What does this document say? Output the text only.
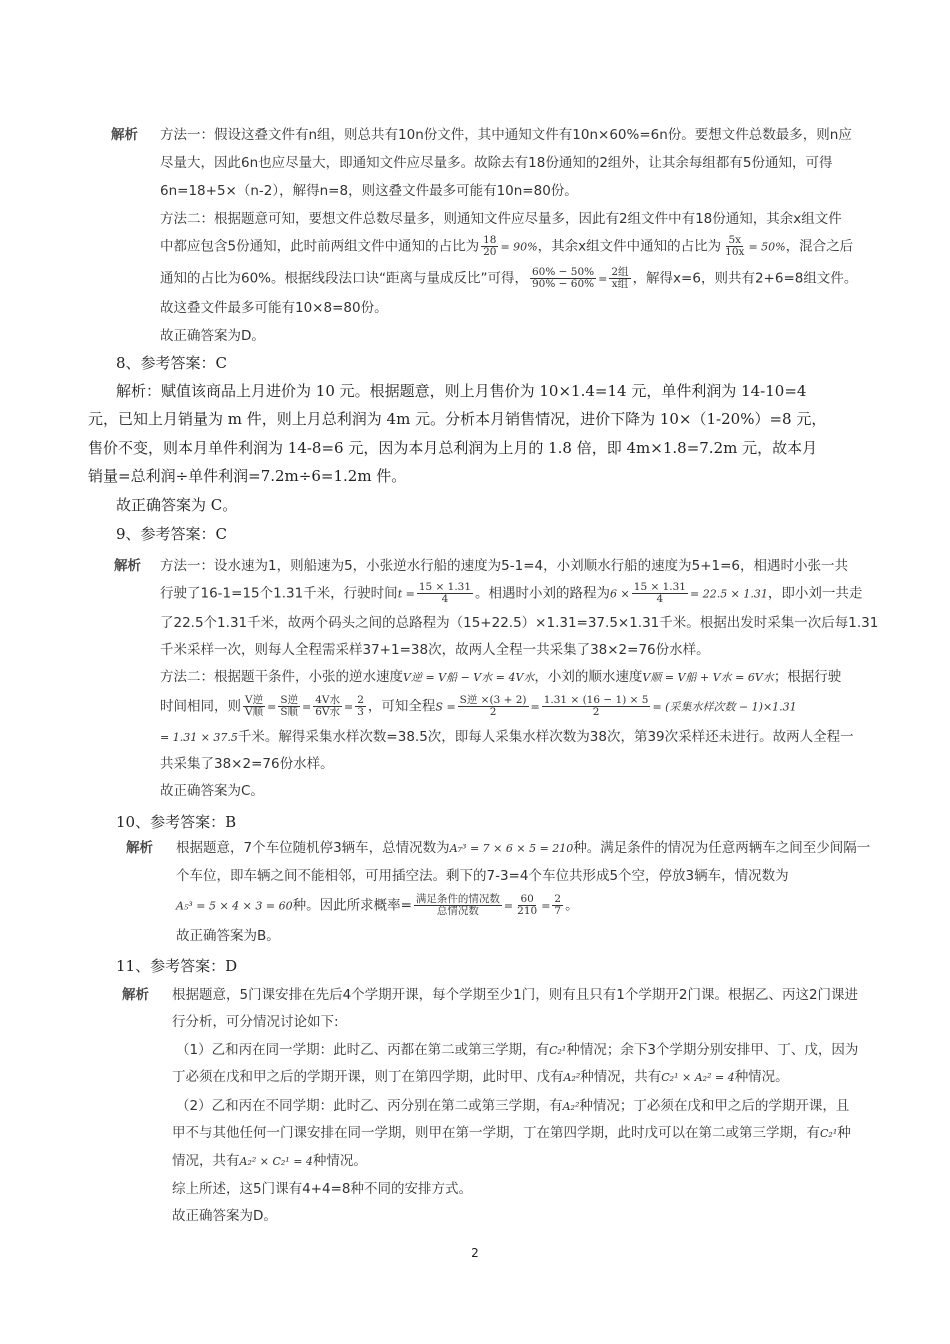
解析 方法一：假设这叠文件有n组，则总共有10n份文件，其中通知文件有10n×60%=6n份。要想文件总数最多，则n应
尽量大，因此6n也应尽量大，即通知文件应尽量多。故除去有18份通知的2组外，让其余每组都有5份通知，可得
6n=18+5×（n-2），解得n=8，则这叠文件最多可能有10n=80份。
方法二：根据题意可知，要想文件总数尽量多，则通知文件应尽量多，因此有2组文件中有18份通知，其余x组文件
中都应包含5份通知，此时前两组文件中通知的占比为 $\frac{18}{20} = 90\%$，其余x组文件中通知的占比为 $\frac{5x}{10x} = 50\%$，混合之后
通知的占比为60%。根据线段法口诀“距离与量成反比”可得， $\frac{60\% - 50\%}{90\% - 60\%} = \frac{\text{2组}}{\text{x组}}$ ，解得x=6，则共有2+6=8组文件。
故这叠文件最多可能有10×8=80份。
故正确答案为D。
8、参考答案：C
解析：赋值该商品上月进价为 10 元。根据题意，则上月售价为 10×1.4=14 元，单件利润为 14-10=4
元，已知上月销量为 m 件，则上月总利润为 4m 元。分析本月销售情况，进价下降为 10×（1-20%）=8 元，
售价不变，则本月单件利润为 14-8=6 元，因为本月总利润为上月的 1.8 倍，即 4m×1.8=7.2m 元，故本月
销量=总利润÷单件利润=7.2m÷6=1.2m 件。
故正确答案为 C。
9、参考答案：C
解析 方法一：设水速为1，则船速为5，小张逆水行船的速度为5-1=4，小刘顺水行船的速度为5+1=6，相遇时小张一共
行驶了16-1=15个1.31千米，行驶时间$t = \frac{15 \times 1.31}{4}$ 。相遇时小刘的路程为$6 \times \frac{15 \times 1.31}{4} = 22.5 \times 1.31$，即小刘一共走
了22.5个1.31千米，故两个码头之间的总路程为（15+22.5）×1.31=37.5×1.31千米。根据出发时采集一次后每1.31
千米采样一次，则每人全程需采样37+1=38次，故两人全程一共采集了38×2=76份水样。
方法二：根据题干条件，小张的逆水速度V逆 = V船 − V水 = 4V水，小刘的顺水速度V顺 = V船 + V水 = 6V水；根据行驶
时间相同，则 $\frac{\text{V逆}}{\text{V顺}} = \frac{\text{S逆}}{\text{S顺}} = \frac{\text{4V水}}{\text{6V水}} = \frac{2}{3}$ ，可知全程$S = \frac{\text{S逆 ×(3 + 2)}}{2} = \frac{1.31 \times (16 - 1) \times 5}{2}$ = (采集水样次数 − 1)×1.31
= 1.31 × 37.5千米。解得采集水样次数=38.5次，即每人采集水样次数为38次，第39次采样还未进行。故两人全程一
共采集了38×2=76份水样。
故正确答案为C。
10、参考答案：B
解析 根据题意，7个车位随机停3辆车，总情况数为A₇³ = 7 × 6 × 5 = 210种。满足条件的情况为任意两辆车之间至少间隔一
个车位，即车辆之间不能相邻，可用插空法。剩下的7-3=4个车位共形成5个空，停放3辆车，情况数为
A₅³ = 5 × 4 × 3 = 60种。因此所求概率= $\frac{\text{满足条件的情况数}}{\text{总情况数}} = \frac{60}{210} = \frac{2}{7}$ 。
故正确答案为B。
11、参考答案：D
解析 根据题意，5门课安排在先后4个学期开课，每个学期至少1门，则有且只有1个学期开2门课。根据乙、丙这2门课进
行分析，可分情况讨论如下:
（1）乙和丙在同一学期：此时乙、丙都在第二或第三学期，有C₂¹种情况；余下3个学期分别安排甲、丁、戊，因为
丁必须在戊和甲之后的学期开课，则丁在第四学期，此时甲、戊有A₂²种情况，共有C₂¹ × A₂² = 4种情况。
（2）乙和丙在不同学期：此时乙、丙分别在第二或第三学期，有A₂²种情况；丁必须在戊和甲之后的学期开课，且
甲不与其他任何一门课安排在同一学期，则甲在第一学期，丁在第四学期，此时戊可以在第二或第三学期，有C₂¹种
情况，共有A₂² × C₂¹ = 4种情况。
综上所述，这5门课有4+4=8种不同的安排方式。
故正确答案为D。
2
